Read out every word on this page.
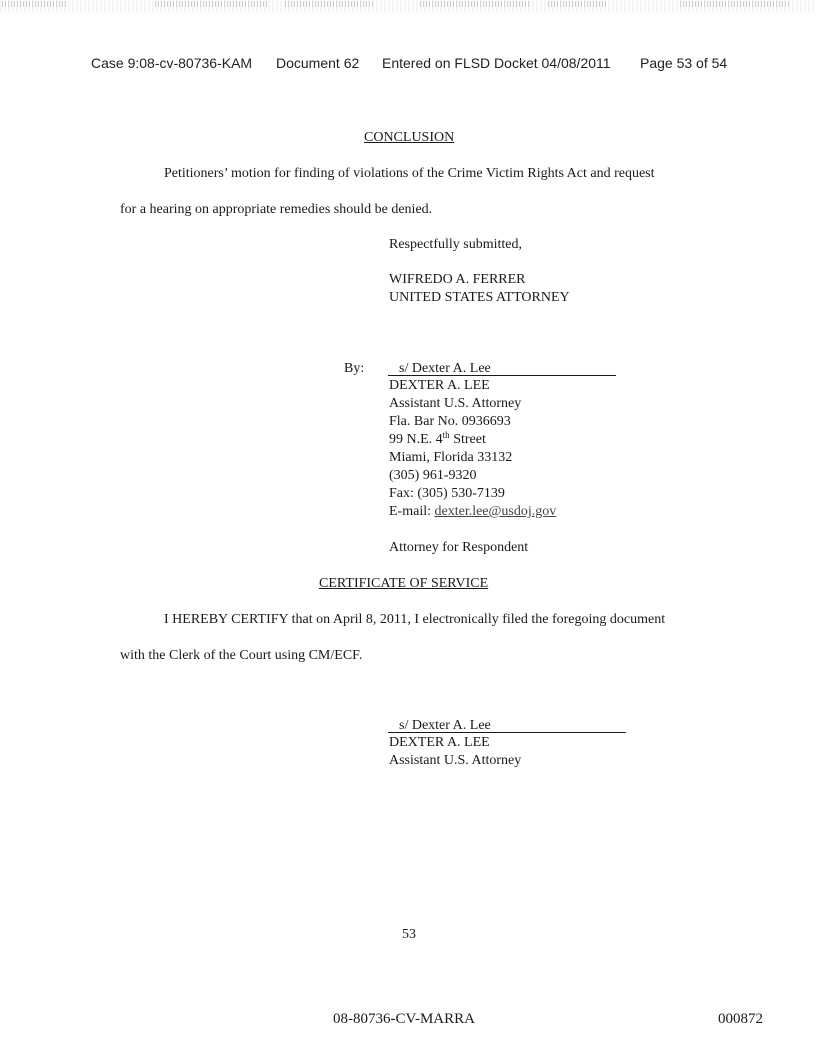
Case 9:08-cv-80736-KAM Document 62 Entered on FLSD Docket 04/08/2011 Page 53 of 54
CONCLUSION
Petitioners’ motion for finding of violations of the Crime Victim Rights Act and request
for a hearing on appropriate remedies should be denied.
Respectfully submitted,
WIFREDO A. FERRER
UNITED STATES ATTORNEY
By: s/ Dexter A. Lee
DEXTER A. LEE
Assistant U.S. Attorney
Fla. Bar No. 0936693
99 N.E. 4th Street
Miami, Florida 33132
(305) 961-9320
Fax: (305) 530-7139
E-mail: dexter.lee@usdoj.gov
Attorney for Respondent
CERTIFICATE OF SERVICE
I HEREBY CERTIFY that on April 8, 2011, I electronically filed the foregoing document
with the Clerk of the Court using CM/ECF.
s/ Dexter A. Lee
DEXTER A. LEE
Assistant U.S. Attorney
53
08-80736-CV-MARRA	000872
